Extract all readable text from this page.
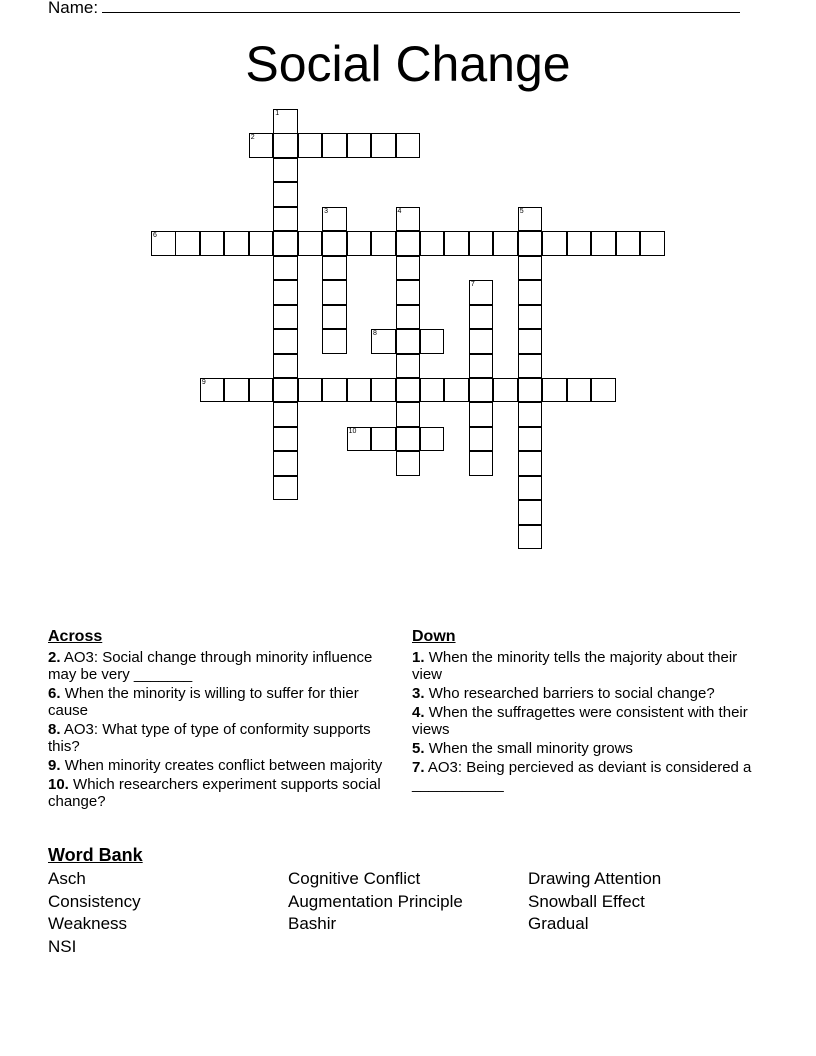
Name:
Social Change
1
2
3	4	5
6
7
8
9
10
Across
2. AO3: Social change through minority influence may be very _______
6. When the minority is willing to suffer for thier cause
8. AO3: What type of type of conformity supports this?
9. When minority creates conflict between majority
10. Which researchers experiment supports social change?
Down
1. When the minority tells the majority about their view
3. Who researched barriers to social change?
4. When the suffragettes were consistent with their views
5. When the small minority grows
7. AO3: Being percieved as deviant is considered a ___________
Word Bank
Asch	Cognitive Conflict	Drawing Attention
Consistency	Augmentation Principle	Snowball Effect
Weakness	Bashir	Gradual
NSI
